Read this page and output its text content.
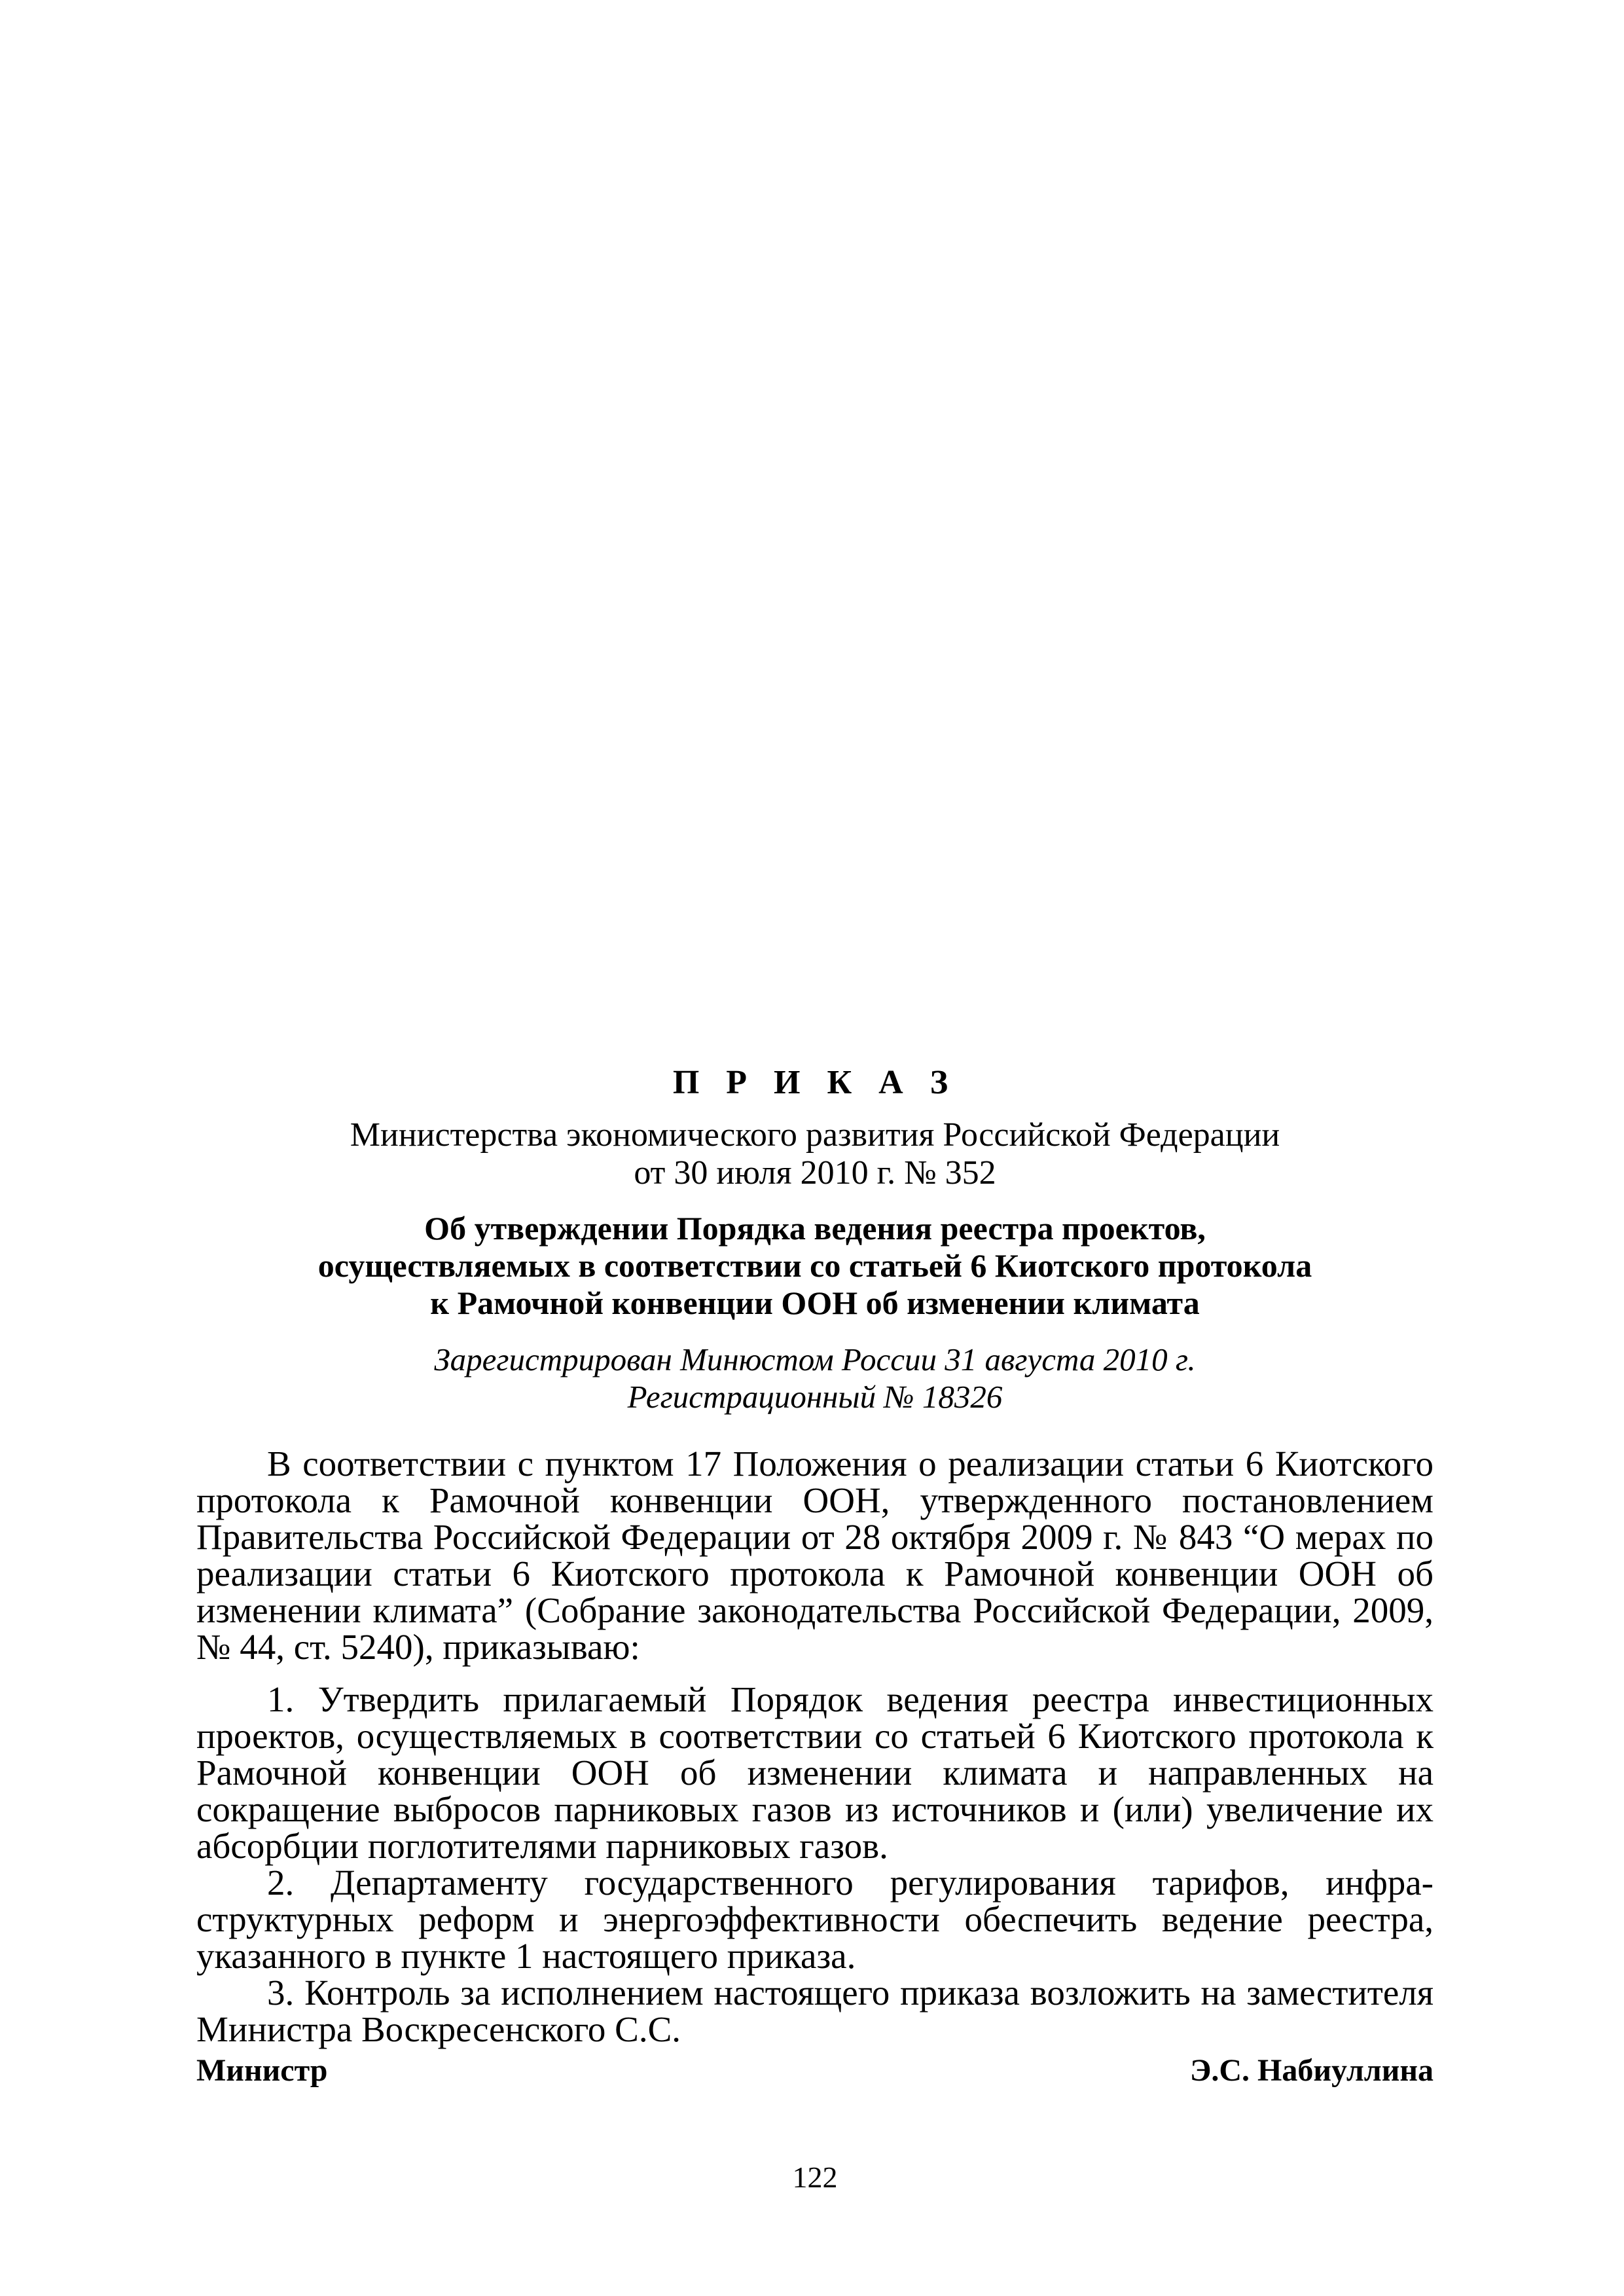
П Р И К А З
Министерства экономического развития Российской Федерации
от 30 июля 2010 г. № 352
Об утверждении Порядка ведения реестра проектов,
осуществляемых в соответствии со статьей 6 Киотского протокола
к Рамочной конвенции ООН об изменении климата
Зарегистрирован Минюстом России 31 августа 2010 г.
Регистрационный № 18326

В соответствии с пунктом 17 Положения о реализации статьи 6 Киотского протокола к Рамочной конвенции ООН, утвержденного постановлением Правительства Российской Федерации от 28 октября 2009 г. № 843 “О мерах по реализации статьи 6 Киотского протокола к Рамочной конвенции ООН об изменении климата” (Собрание законодательства Российской Федерации, 2009, № 44, ст. 5240), приказываю:

1. Утвердить прилагаемый Порядок ведения реестра инвестиционных проектов, осуществляемых в соответствии со статьей 6 Киотского протокола к Рамочной конвенции ООН об изменении климата и направленных на сокращение выбросов парниковых газов из источников и (или) увеличение их абсорбции поглотителями парниковых газов.

2. Департаменту государственного регулирования тарифов, инфраструктурных реформ и энергоэффективности обеспечить ведение реестра, указанного в пункте 1 настоящего приказа.

3. Контроль за исполнением настоящего приказа возложить на заместителя Министра Воскресенского С.С.

Министр	Э.С. Набиуллина
122
